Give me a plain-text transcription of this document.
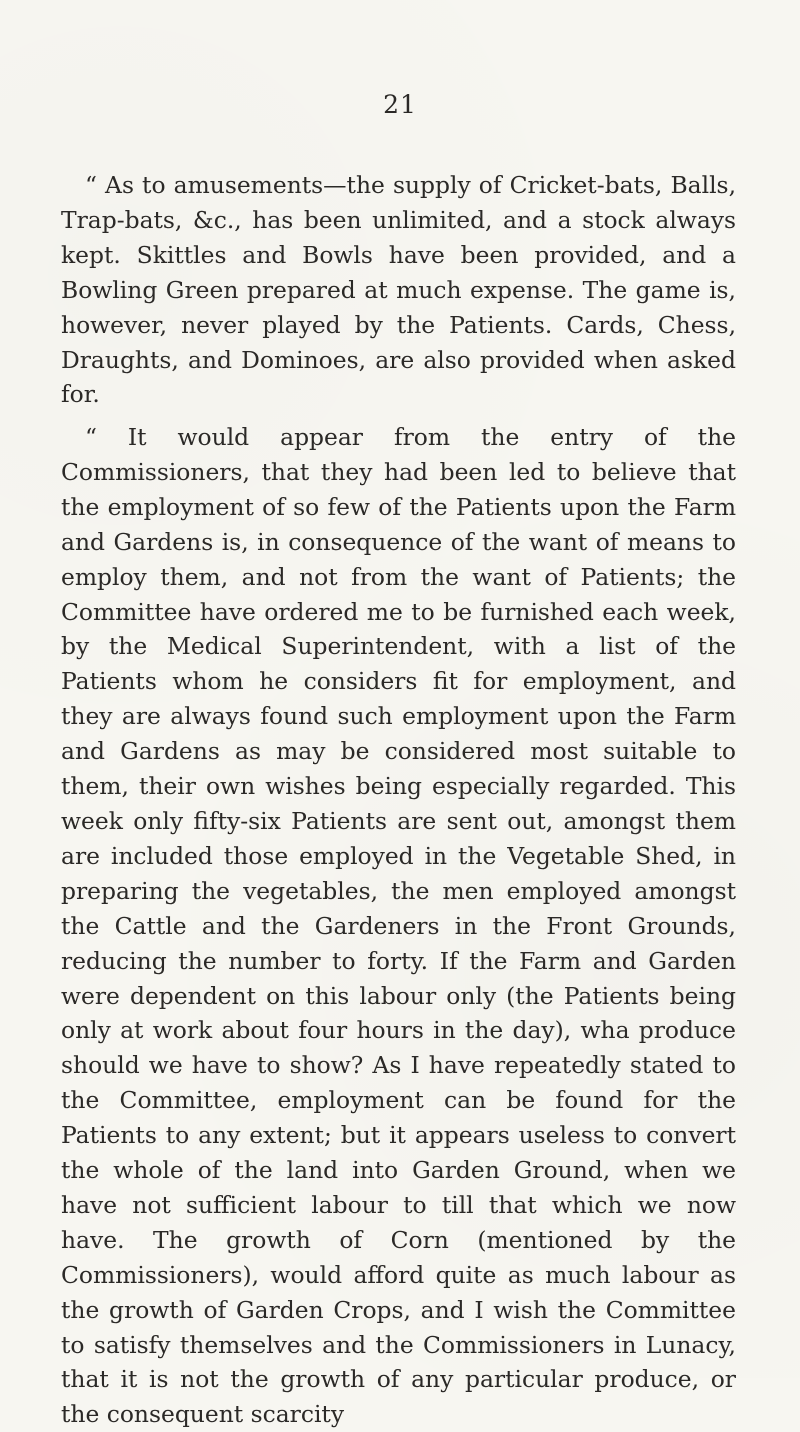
21

“ As to amusements—the supply of Cricket-bats, Balls, Trap-bats, &c., has been unlimited, and a stock always kept. Skittles and Bowls have been provided, and a Bowling Green prepared at much expense. The game is, however, never played by the Patients. Cards, Chess, Draughts, and Dominoes, are also provided when asked for.

“ It would appear from the entry of the Commissioners, that they had been led to believe that the employment of so few of the Patients upon the Farm and Gardens is, in consequence of the want of means to employ them, and not from the want of Patients; the Committee have ordered me to be furnished each week, by the Medical Superintendent, with a list of the Patients whom he considers fit for employment, and they are always found such employment upon the Farm and Gardens as may be considered most suitable to them, their own wishes being especially regarded. This week only fifty-six Patients are sent out, amongst them are included those employed in the Vegetable Shed, in preparing the vegetables, the men employed amongst the Cattle and the Gardeners in the Front Grounds, reducing the number to forty. If the Farm and Garden were dependent on this labour only (the Patients being only at work about four hours in the day), wha produce should we have to show? As I have repeatedly stated to the Committee, employment can be found for the Patients to any extent; but it appears useless to convert the whole of the land into Garden Ground, when we have not sufficient labour to till that which we now have. The growth of Corn (mentioned by the Commissioners), would afford quite as much labour as the growth of Garden Crops, and I wish the Committee to satisfy themselves and the Commissioners in Lunacy, that it is not the growth of any particular produce, or the consequent scarcity
